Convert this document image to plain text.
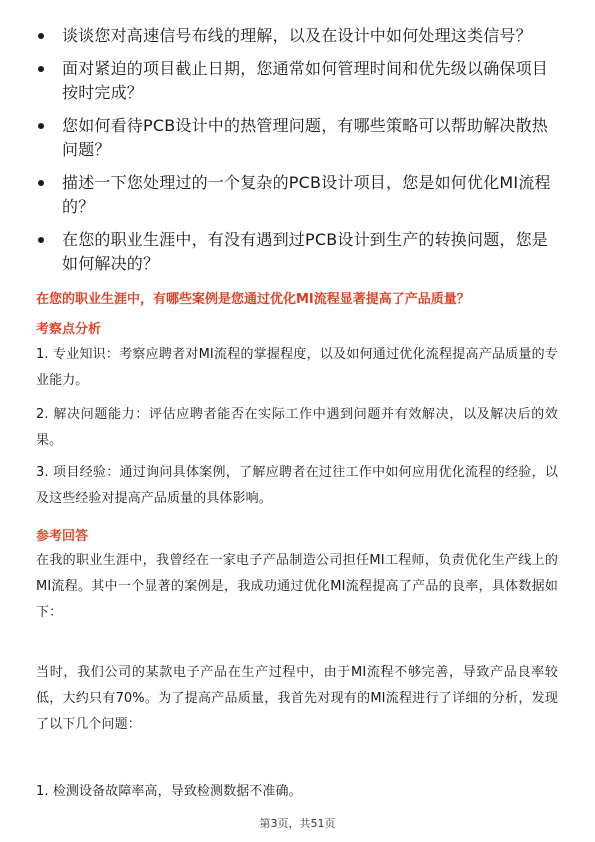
谈谈您对高速信号布线的理解，以及在设计中如何处理这类信号？
面对紧迫的项目截止日期，您通常如何管理时间和优先级以确保项目按时完成？
您如何看待PCB设计中的热管理问题，有哪些策略可以帮助解决散热问题？
描述一下您处理过的一个复杂的PCB设计项目，您是如何优化MI流程的？
在您的职业生涯中，有没有遇到过PCB设计到生产的转换问题，您是如何解决的？
在您的职业生涯中，有哪些案例是您通过优化MI流程显著提高了产品质量？
考察点分析
1. 专业知识：考察应聘者对MI流程的掌握程度，以及如何通过优化流程提高产品质量的专业能力。
2. 解决问题能力：评估应聘者能否在实际工作中遇到问题并有效解决，以及解决后的效果。
3. 项目经验：通过询问具体案例，了解应聘者在过往工作中如何应用优化流程的经验，以及这些经验对提高产品质量的具体影响。
参考回答
在我的职业生涯中，我曾经在一家电子产品制造公司担任MI工程师，负责优化生产线上的MI流程。其中一个显著的案例是，我成功通过优化MI流程提高了产品的良率，具体数据如下：
当时，我们公司的某款电子产品在生产过程中，由于MI流程不够完善，导致产品良率较低，大约只有70%。为了提高产品质量，我首先对现有的MI流程进行了详细的分析，发现了以下几个问题：
1. 检测设备故障率高，导致检测数据不准确。
第3页，共51页
